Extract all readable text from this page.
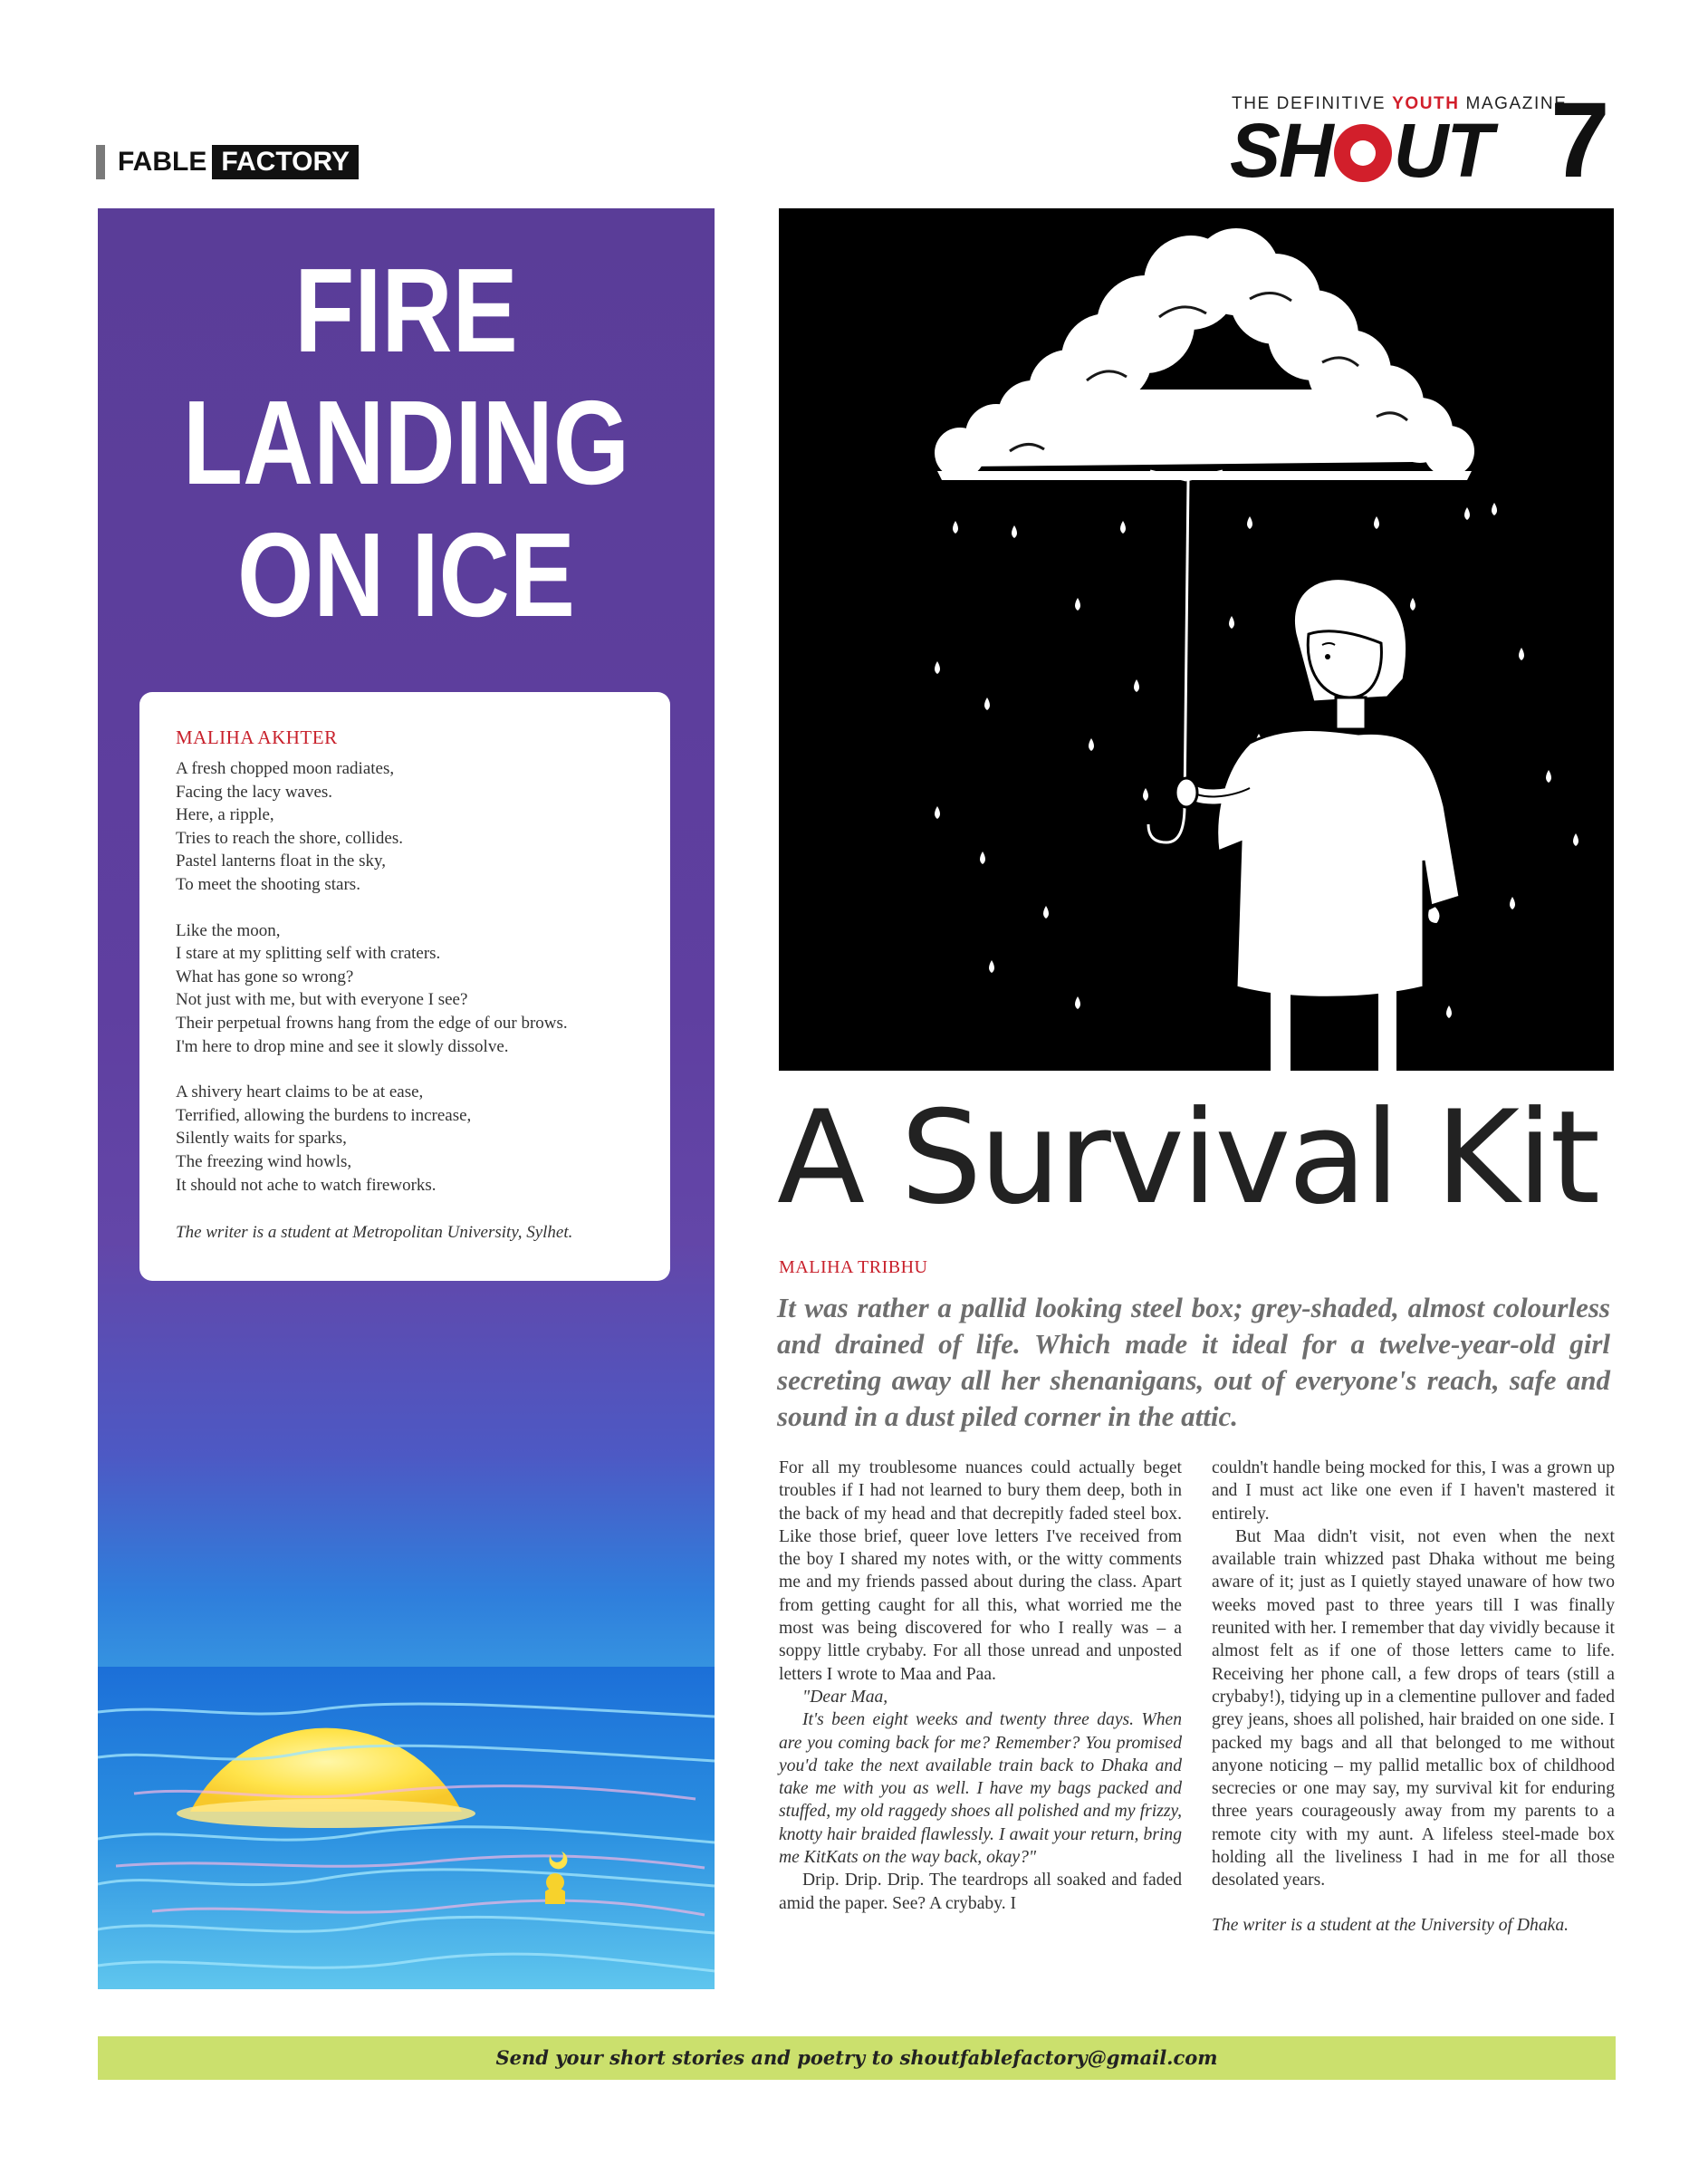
FABLE FACTORY
THE DEFINITIVE YOUTH MAGAZINE
SH UT 7
FIRE
LANDING
ON ICE
MALIHA AKHTER
A fresh chopped moon radiates,
Facing the lacy waves.
Here, a ripple,
Tries to reach the shore, collides.
Pastel lanterns float in the sky,
To meet the shooting stars.
Like the moon,
I stare at my splitting self with craters.
What has gone so wrong?
Not just with me, but with everyone I see?
Their perpetual frowns hang from the edge of our brows.
I'm here to drop mine and see it slowly dissolve.
A shivery heart claims to be at ease,
Terrified, allowing the burdens to increase,
Silently waits for sparks,
The freezing wind howls,
It should not ache to watch fireworks.
The writer is a student at Metropolitan University, Sylhet. A Survival Kit
MALIHA TRIBHU
It was rather a pallid looking steel box; grey-shaded, almost colourless and drained of life. Which made it ideal for a twelve-year-old girl secreting away all her shenanigans, out of everyone's reach, safe and sound in a dust piled corner in the attic.

For all my troublesome nuances could actually beget troubles if I had not learned to bury them deep, both in the back of my head and that decrepitly faded steel box. Like those brief, queer love letters I've received from the boy I shared my notes with, or the witty comments me and my friends passed about during the class. Apart from getting caught for all this, what worried me the most was being discovered for who I really was – a soppy little crybaby. For all those unread and unposted letters I wrote to Maa and Paa.

"Dear Maa,

It's been eight weeks and twenty three days. When are you coming back for me? Remember? You promised you'd take the next available train back to Dhaka and take me with you as well. I have my bags packed and stuffed, my old raggedy shoes all polished and my frizzy, knotty hair braided flawlessly. I await your return, bring me KitKats on the way back, okay?"

Drip. Drip. Drip. The teardrops all soaked and faded amid the paper. See? A crybaby. I

couldn't handle being mocked for this, I was a grown up and I must act like one even if I haven't mastered it entirely.

But Maa didn't visit, not even when the next available train whizzed past Dhaka without me being aware of it; just as I quietly stayed unaware of how two weeks moved past to three years till I was finally reunited with her. I remember that day vividly because it almost felt as if one of those letters came to life. Receiving her phone call, a few drops of tears (still a crybaby!), tidying up in a clementine pullover and faded grey jeans, shoes all polished, hair braided on one side. I packed my bags and all that belonged to me without anyone noticing – my pallid metallic box of childhood secrecies or one may say, my survival kit for enduring three years courageously away from my parents to a remote city with my aunt. A lifeless steel-made box holding all the liveliness I had in me for all those desolated years.

The writer is a student at the University of Dhaka.

Send your short stories and poetry to shoutfablefactory@gmail.com
